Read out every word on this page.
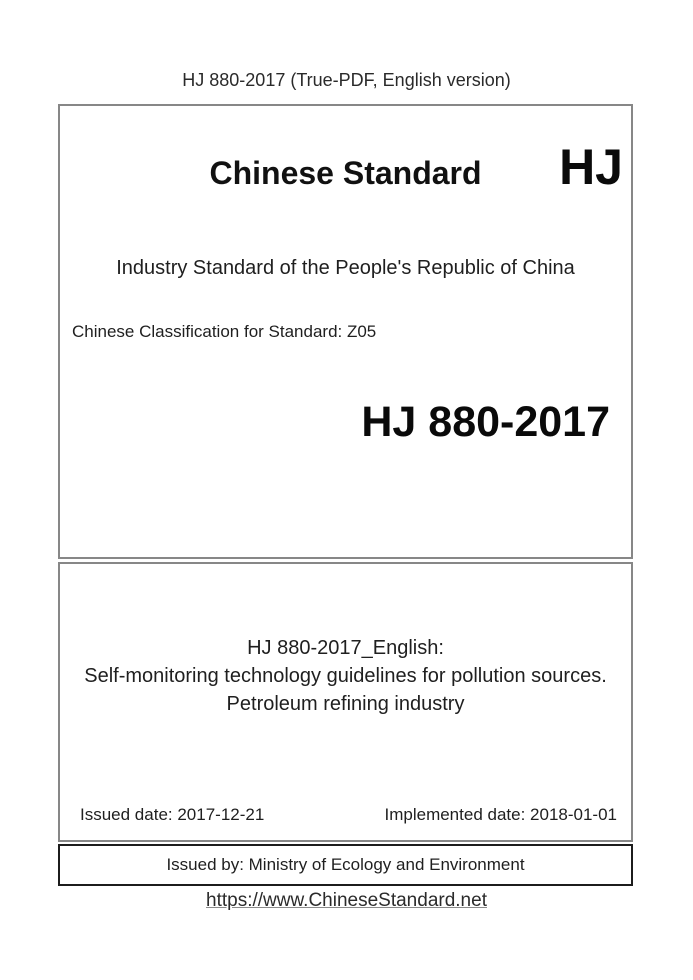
HJ 880-2017 (True-PDF, English version)
Chinese Standard	HJ
Industry Standard of the People's Republic of China
Chinese Classification for Standard: Z05
HJ 880-2017
HJ 880-2017_English:
Self-monitoring technology guidelines for pollution sources.
Petroleum refining industry
Issued date: 2017-12-21	Implemented date: 2018-01-01
Issued by: Ministry of Ecology and Environment
https://www.ChineseStandard.net
